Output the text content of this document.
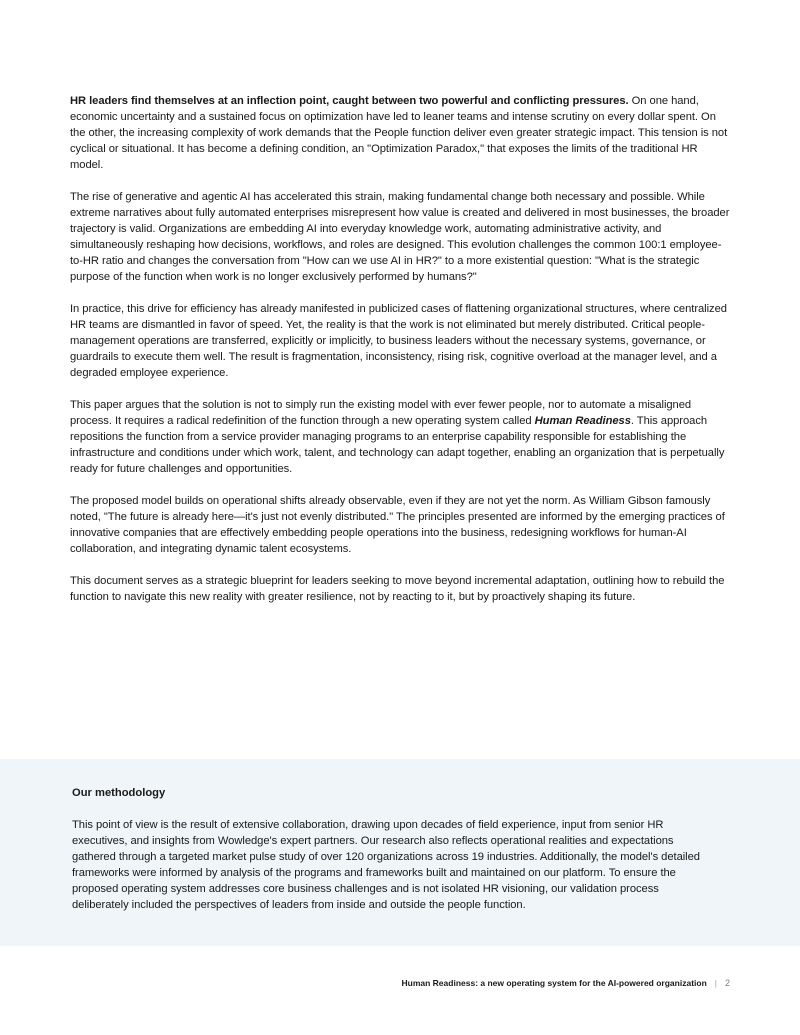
HR leaders find themselves at an inflection point, caught between two powerful and conflicting pressures. On one hand, economic uncertainty and a sustained focus on optimization have led to leaner teams and intense scrutiny on every dollar spent. On the other, the increasing complexity of work demands that the People function deliver even greater strategic impact. This tension is not cyclical or situational. It has become a defining condition, an "Optimization Paradox," that exposes the limits of the traditional HR model.

The rise of generative and agentic AI has accelerated this strain, making fundamental change both necessary and possible. While extreme narratives about fully automated enterprises misrepresent how value is created and delivered in most businesses, the broader trajectory is valid. Organizations are embedding AI into everyday knowledge work, automating administrative activity, and simultaneously reshaping how decisions, workflows, and roles are designed. This evolution challenges the common 100:1 employee-to-HR ratio and changes the conversation from "How can we use AI in HR?" to a more existential question: "What is the strategic purpose of the function when work is no longer exclusively performed by humans?"

In practice, this drive for efficiency has already manifested in publicized cases of flattening organizational structures, where centralized HR teams are dismantled in favor of speed. Yet, the reality is that the work is not eliminated but merely distributed. Critical people-management operations are transferred, explicitly or implicitly, to business leaders without the necessary systems, governance, or guardrails to execute them well. The result is fragmentation, inconsistency, rising risk, cognitive overload at the manager level, and a degraded employee experience.

This paper argues that the solution is not to simply run the existing model with ever fewer people, nor to automate a misaligned process. It requires a radical redefinition of the function through a new operating system called Human Readiness. This approach repositions the function from a service provider managing programs to an enterprise capability responsible for establishing the infrastructure and conditions under which work, talent, and technology can adapt together, enabling an organization that is perpetually ready for future challenges and opportunities.

The proposed model builds on operational shifts already observable, even if they are not yet the norm. As William Gibson famously noted, "The future is already here—it's just not evenly distributed." The principles presented are informed by the emerging practices of innovative companies that are effectively embedding people operations into the business, redesigning workflows for human-AI collaboration, and integrating dynamic talent ecosystems.

This document serves as a strategic blueprint for leaders seeking to move beyond incremental adaptation, outlining how to rebuild the function to navigate this new reality with greater resilience, not by reacting to it, but by proactively shaping its future.

Our methodology

This point of view is the result of extensive collaboration, drawing upon decades of field experience, input from senior HR executives, and insights from Wowledge's expert partners. Our research also reflects operational realities and expectations gathered through a targeted market pulse study of over 120 organizations across 19 industries. Additionally, the model's detailed frameworks were informed by analysis of the programs and frameworks built and maintained on our platform. To ensure the proposed operating system addresses core business challenges and is not isolated HR visioning, our validation process deliberately included the perspectives of leaders from inside and outside the people function.

Human Readiness: a new operating system for the AI-powered organization | 2
